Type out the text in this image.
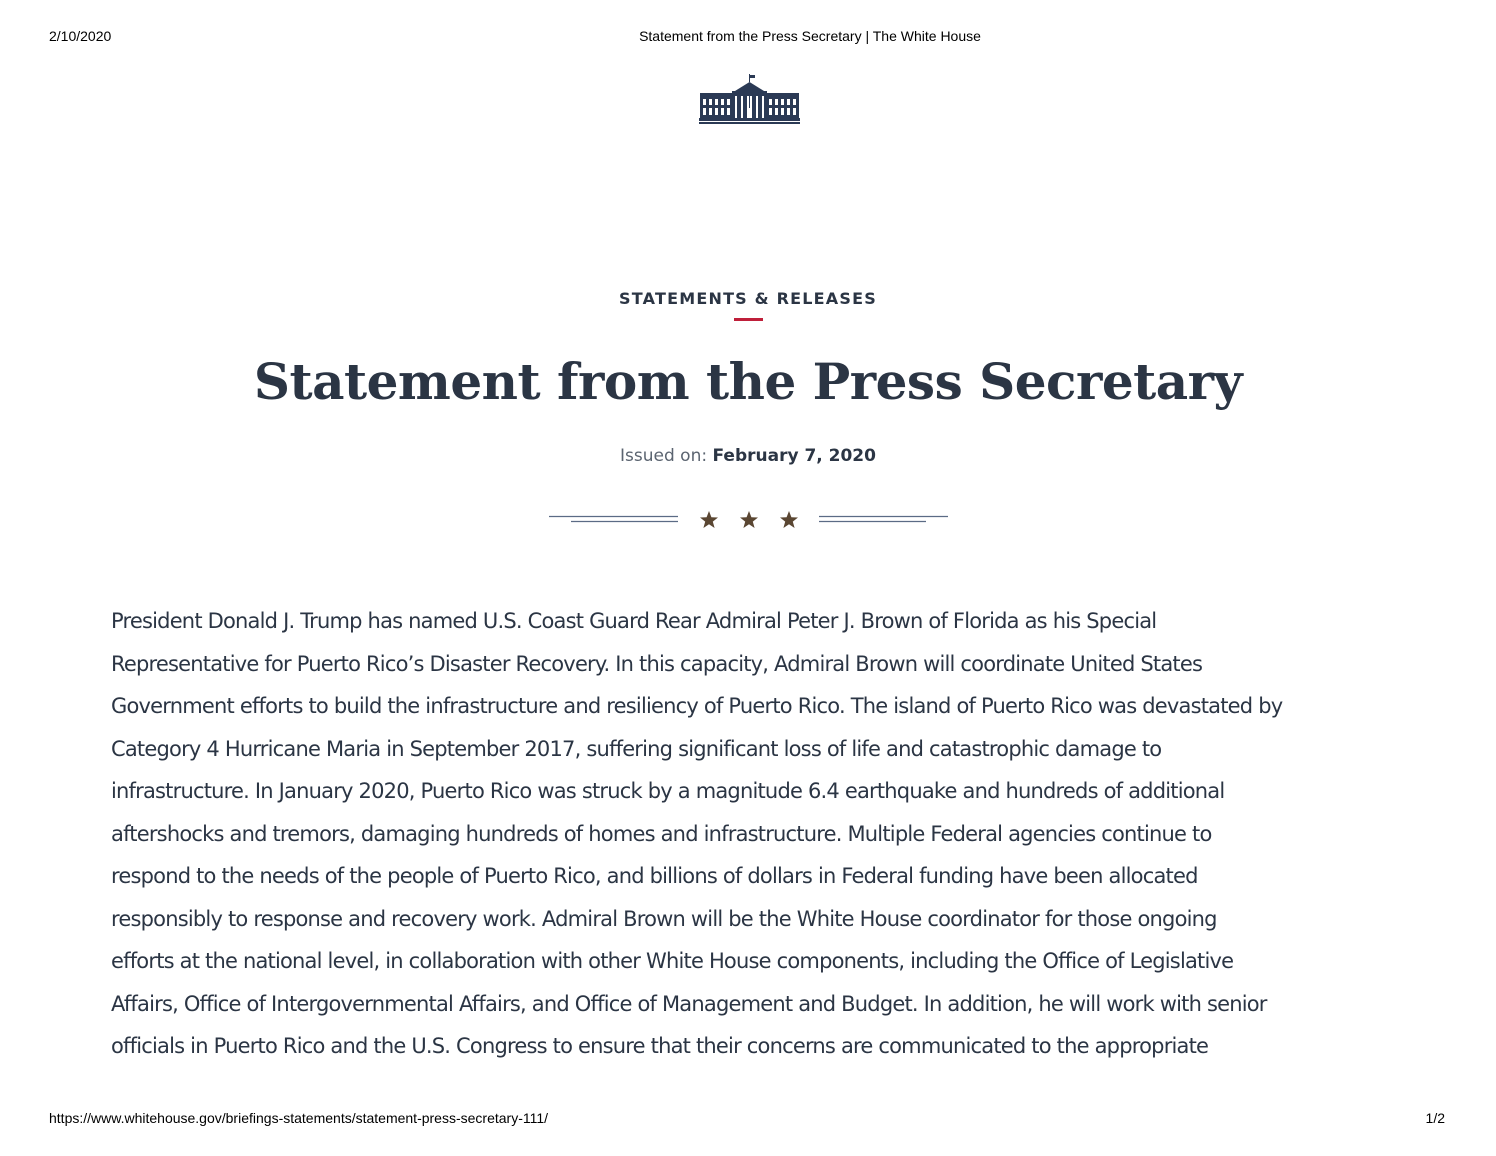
2/10/2020	Statement from the Press Secretary | The White House
STATEMENTS & RELEASES
Statement from the Press Secretary
Issued on: February 7, 2020

President Donald J. Trump has named U.S. Coast Guard Rear Admiral Peter J. Brown of Florida as his Special
Representative for Puerto Rico’s Disaster Recovery. In this capacity, Admiral Brown will coordinate United States
Government efforts to build the infrastructure and resiliency of Puerto Rico. The island of Puerto Rico was devastated by
Category 4 Hurricane Maria in September 2017, suffering significant loss of life and catastrophic damage to
infrastructure. In January 2020, Puerto Rico was struck by a magnitude 6.4 earthquake and hundreds of additional
aftershocks and tremors, damaging hundreds of homes and infrastructure. Multiple Federal agencies continue to
respond to the needs of the people of Puerto Rico, and billions of dollars in Federal funding have been allocated
responsibly to response and recovery work. Admiral Brown will be the White House coordinator for those ongoing
efforts at the national level, in collaboration with other White House components, including the Office of Legislative
Affairs, Office of Intergovernmental Affairs, and Office of Management and Budget. In addition, he will work with senior
officials in Puerto Rico and the U.S. Congress to ensure that their concerns are communicated to the appropriate

https://www.whitehouse.gov/briefings-statements/statement-press-secretary-111/	1/2
